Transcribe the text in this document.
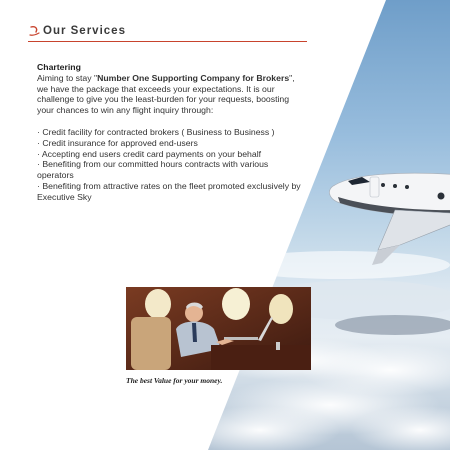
Our Services
Chartering

Aiming to stay "Number One Supporting Company for Brokers", we have the package that exceeds your expectations. It is our challenge to give you the least-burden for your requests, boosting your chances to win any flight inquiry through:

· Credit facility for contracted brokers ( Business to Business )
· Credit insurance for approved end-users
· Accepting end users credit card payments on your behalf
· Benefiting from our committed hours contracts with various operators
· Benefiting from attractive rates on the fleet promoted exclusively by Executive Sky
The best Value for your money.
